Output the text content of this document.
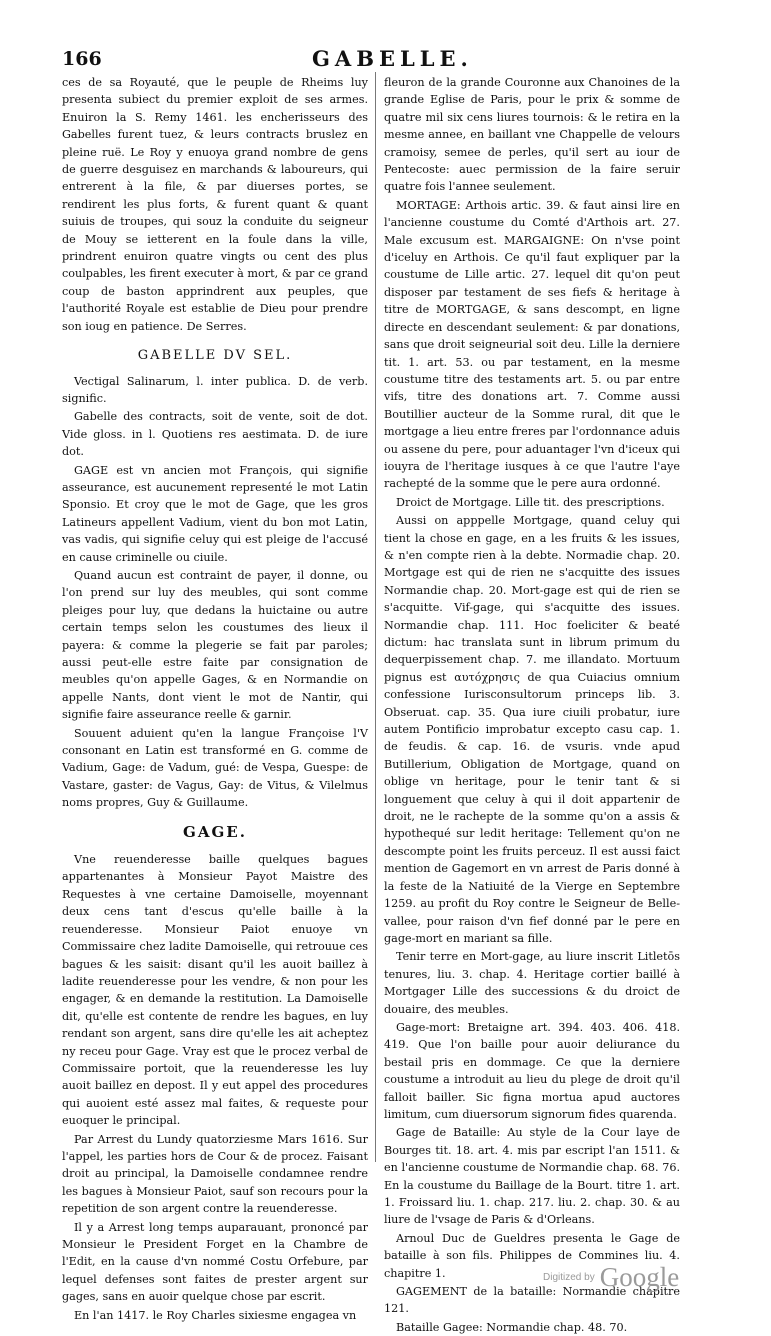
166	GABELLE.

ces de sa Royauté, que le peuple de Rheims luy presenta subiect du premier exploit de ses armes. Enuiron la S. Remy 1461. les encherisseurs des Gabelles furent tuez, & leurs contracts bruslez en pleine ruë. Le Roy y enuoya grand nombre de gens de guerre desguisez en marchands & laboureurs, qui entrerent à la file, & par diuerses portes, se rendirent les plus forts, & furent quant & quant suiuis de troupes, qui souz la conduite du seigneur de Mouy se ietterent en la foule dans la ville, prindrent enuiron quatre vingts ou cent des plus coulpables, les firent executer à mort, & par ce grand coup de baston apprindrent aux peuples, que l'authorité Royale est establie de Dieu pour prendre son ioug en patience. De Serres.

GABELLE DV SEL.

Vectigal Salinarum, l. inter publica. D. de verb. signific.

Gabelle des contracts, soit de vente, soit de dot. Vide gloss. in l. Quotiens res aestimata. D. de iure dot.

GAGE est vn ancien mot François, qui signifie asseurance, est aucunement representé le mot Latin Sponsio. Et croy que le mot de Gage, que les gros Latineurs appellent Vadium, vient du bon mot Latin, vas vadis, qui signifie celuy qui est pleige de l'accusé en cause criminelle ou ciuile.

Quand aucun est contraint de payer, il donne, ou l'on prend sur luy des meubles, qui sont comme pleiges pour luy, que dedans la huictaine ou autre certain temps selon les coustumes des lieux il payera: & comme la plegerie se fait par paroles; aussi peut-elle estre faite par consignation de meubles qu'on appelle Gages, & en Normandie on appelle Nants, dont vient le mot de Nantir, qui signifie faire asseurance reelle & garnir.

Souuent aduient qu'en la langue Françoise l'V consonant en Latin est transformé en G. comme de Vadium, Gage: de Vadum, gué: de Vespa, Guespe: de Vastare, gaster: de Vagus, Gay: de Vitus, & Vilelmus noms propres, Guy & Guillaume.

GAGE.

Vne reuenderesse baille quelques bagues appartenantes à Monsieur Payot Maistre des Requestes à vne certaine Damoiselle, moyennant deux cens tant d'escus qu'elle baille à la reuenderesse. Monsieur Paiot enuoye vn Commissaire chez ladite Damoiselle, qui retrouue ces bagues & les saisit: disant qu'il les auoit baillez à ladite reuenderesse pour les vendre, & non pour les engager, & en demande la restitution. La Damoiselle dit, qu'elle est contente de rendre les bagues, en luy rendant son argent, sans dire qu'elle les ait acheptez ny receu pour Gage. Vray est que le procez verbal de Commissaire portoit, que la reuenderesse les luy auoit baillez en depost. Il y eut appel des procedures qui auoient esté assez mal faites, & requeste pour euoquer le principal.

Par Arrest du Lundy quatorziesme Mars 1616. Sur l'appel, les parties hors de Cour & de procez. Faisant droit au principal, la Damoiselle condamnee rendre les bagues à Monsieur Paiot, sauf son recours pour la repetition de son argent contre la reuenderesse.

Il y a Arrest long temps auparauant, prononcé par Monsieur le President Forget en la Chambre de l'Edit, en la cause d'vn nommé Costu Orfebure, par lequel defenses sont faites de prester argent sur gages, sans en auoir quelque chose par escrit.

En l'an 1417. le Roy Charles sixiesme engagea vn

fleuron de la grande Couronne aux Chanoines de la grande Eglise de Paris, pour le prix & somme de quatre mil six cens liures tournois: & le retira en la mesme annee, en baillant vne Chappelle de velours cramoisy, semee de perles, qu'il sert au iour de Pentecoste: auec permission de la faire seruir quatre fois l'annee seulement.

MORTAGE: Arthois artic. 39. & faut ainsi lire en l'ancienne coustume du Comté d'Arthois art. 27. Male excusum est. MARGAIGNE: On n'vse point d'iceluy en Arthois. Ce qu'il faut expliquer par la coustume de Lille artic. 27. lequel dit qu'on peut disposer par testament de ses fiefs & heritage à titre de MORTGAGE, & sans descompt, en ligne directe en descendant seulement: & par donations, sans que droit seigneurial soit deu. Lille la derniere tit. 1. art. 53. ou par testament, en la mesme coustume titre des testaments art. 5. ou par entre vifs, titre des donations art. 7. Comme aussi Boutillier aucteur de la Somme rural, dit que le mortgage a lieu entre freres par l'ordonnance aduis ou assene du pere, pour aduantager l'vn d'iceux qui iouyra de l'heritage iusques à ce que l'autre l'aye rachepté de la somme que le pere aura ordonné.

Droict de Mortgage. Lille tit. des prescriptions.

Aussi on apppelle Mortgage, quand celuy qui tient la chose en gage, en a les fruits & les issues, & n'en compte rien à la debte. Normadie chap. 20. Mortgage est qui de rien ne s'acquitte des issues Normandie chap. 20. Mort-gage est qui de rien se s'acquitte. Vif-gage, qui s'acquitte des issues. Normandie chap. 111. Hoc foeliciter & beaté dictum: hac translata sunt in librum primum du dequerpissement chap. 7. me illandato. Mortuum pignus est αυτόχρησις de qua Cuiacius omnium confessione Iurisconsultorum princeps lib. 3. Obseruat. cap. 35. Qua iure ciuili probatur, iure autem Pontificio improbatur excepto casu cap. 1. de feudis. & cap. 16. de vsuris. vnde apud Butillerium, Obligation de Mortgage, quand on oblige vn heritage, pour le tenir tant & si longuement que celuy à qui il doit appartenir de droit, ne le rachepte de la somme qu'on a assis & hypothequé sur ledit heritage: Tellement qu'on ne descompte point les fruits perceuz. Il est aussi faict mention de Gagemort en vn arrest de Paris donné à la feste de la Natiuité de la Vierge en Septembre 1259. au profit du Roy contre le Seigneur de Belle-vallee, pour raison d'vn fief donné par le pere en gage-mort en mariant sa fille.

Tenir terre en Mort-gage, au liure inscrit Litletōs tenures, liu. 3. chap. 4. Heritage cortier baillé à Mortgager Lille des successions & du droict de douaire, des meubles.

Gage-mort: Bretaigne art. 394. 403. 406. 418. 419. Que l'on baille pour auoir deliurance du bestail pris en dommage. Ce que la derniere coustume a introduit au lieu du plege de droit qu'il falloit bailler. Sic figna mortua apud auctores limitum, cum diuersorum signorum fides quarenda.

Gage de Bataille: Au style de la Cour laye de Bourges tit. 18. art. 4. mis par escript l'an 1511. & en l'ancienne coustume de Normandie chap. 68. 76. En la coustume du Baillage de la Bourt. titre 1. art. 1. Froissard liu. 1. chap. 217. liu. 2. chap. 30. & au liure de l'vsage de Paris & d'Orleans.

Arnoul Duc de Gueldres presenta le Gage de bataille à son fils. Philippes de Commines liu. 4. chapitre 1.

GAGEMENT de la bataille: Normandie chapitre 121.

Bataille Gagee: Normandie chap. 48. 70.

Digitized by Google
